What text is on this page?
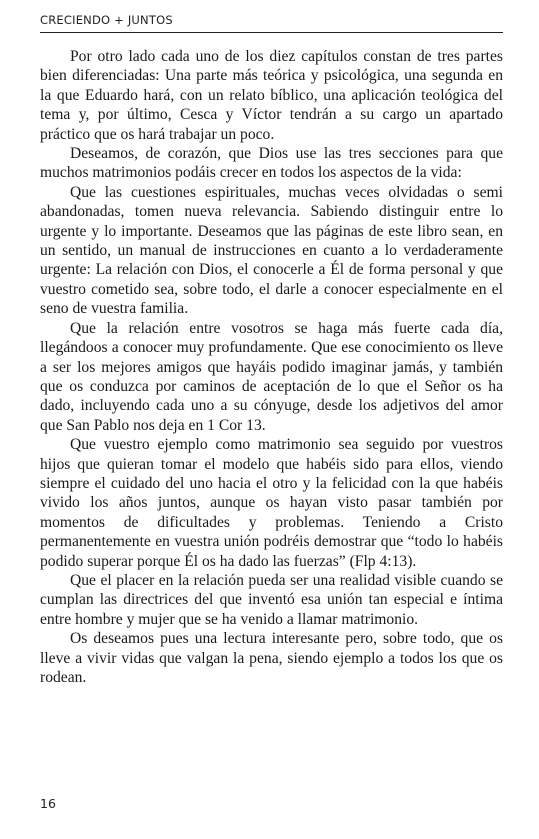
CRECIENDO + JUNTOS

Por otro lado cada uno de los diez capítulos constan de tres partes bien diferenciadas: Una parte más teórica y psicológica, una segunda en la que Eduardo hará, con un relato bíblico, una aplicación teológica del tema y, por último, Cesca y Víctor tendrán a su cargo un apartado práctico que os hará trabajar un poco.

Deseamos, de corazón, que Dios use las tres secciones para que muchos matrimonios podáis crecer en todos los aspectos de la vida:

Que las cuestiones espirituales, muchas veces olvidadas o semi abandonadas, tomen nueva relevancia. Sabiendo distinguir entre lo urgente y lo importante. Deseamos que las páginas de este libro sean, en un sentido, un manual de instrucciones en cuanto a lo verdaderamente urgente: La relación con Dios, el conocerle a Él de forma personal y que vuestro cometido sea, sobre todo, el darle a conocer especialmente en el seno de vuestra familia.

Que la relación entre vosotros se haga más fuerte cada día, llegándoos a conocer muy profundamente. Que ese conocimiento os lleve a ser los mejores amigos que hayáis podido imaginar jamás, y también que os conduzca por caminos de aceptación de lo que el Señor os ha dado, incluyendo cada uno a su cónyuge, desde los adjetivos del amor que San Pablo nos deja en 1 Cor 13.

Que vuestro ejemplo como matrimonio sea seguido por vuestros hijos que quieran tomar el modelo que habéis sido para ellos, viendo siempre el cuidado del uno hacia el otro y la felicidad con la que habéis vivido los años juntos, aunque os hayan visto pasar también por momentos de dificultades y problemas. Teniendo a Cristo permanentemente en vuestra unión podréis demostrar que “todo lo habéis podido superar porque Él os ha dado las fuerzas” (Flp 4:13).

Que el placer en la relación pueda ser una realidad visible cuando se cumplan las directrices del que inventó esa unión tan especial e íntima entre hombre y mujer que se ha venido a llamar matrimonio.

Os deseamos pues una lectura interesante pero, sobre todo, que os lleve a vivir vidas que valgan la pena, siendo ejemplo a todos los que os rodean.

16
